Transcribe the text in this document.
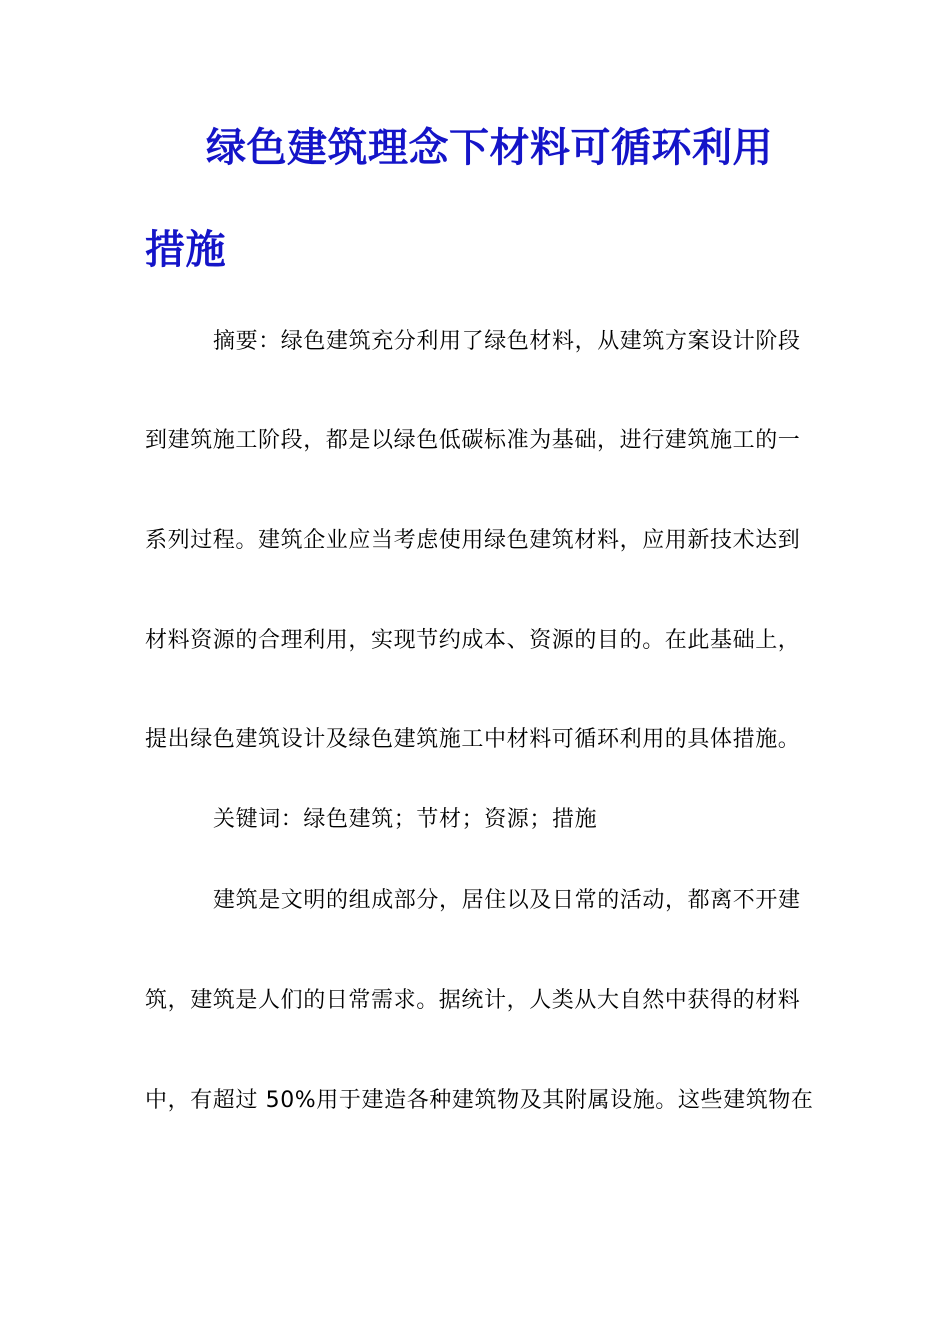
绿色建筑理念下材料可循环利用
措施
摘要：绿色建筑充分利用了绿色材料，从建筑方案设计阶段
到建筑施工阶段，都是以绿色低碳标准为基础，进行建筑施工的一
系列过程。建筑企业应当考虑使用绿色建筑材料，应用新技术达到
材料资源的合理利用，实现节约成本、资源的目的。在此基础上，
提出绿色建筑设计及绿色建筑施工中材料可循环利用的具体措施。
关键词：绿色建筑；节材；资源；措施
建筑是文明的组成部分，居住以及日常的活动，都离不开建
筑，建筑是人们的日常需求。据统计，人类从大自然中获得的材料
中，有超过 50%用于建造各种建筑物及其附属设施。这些建筑物在
